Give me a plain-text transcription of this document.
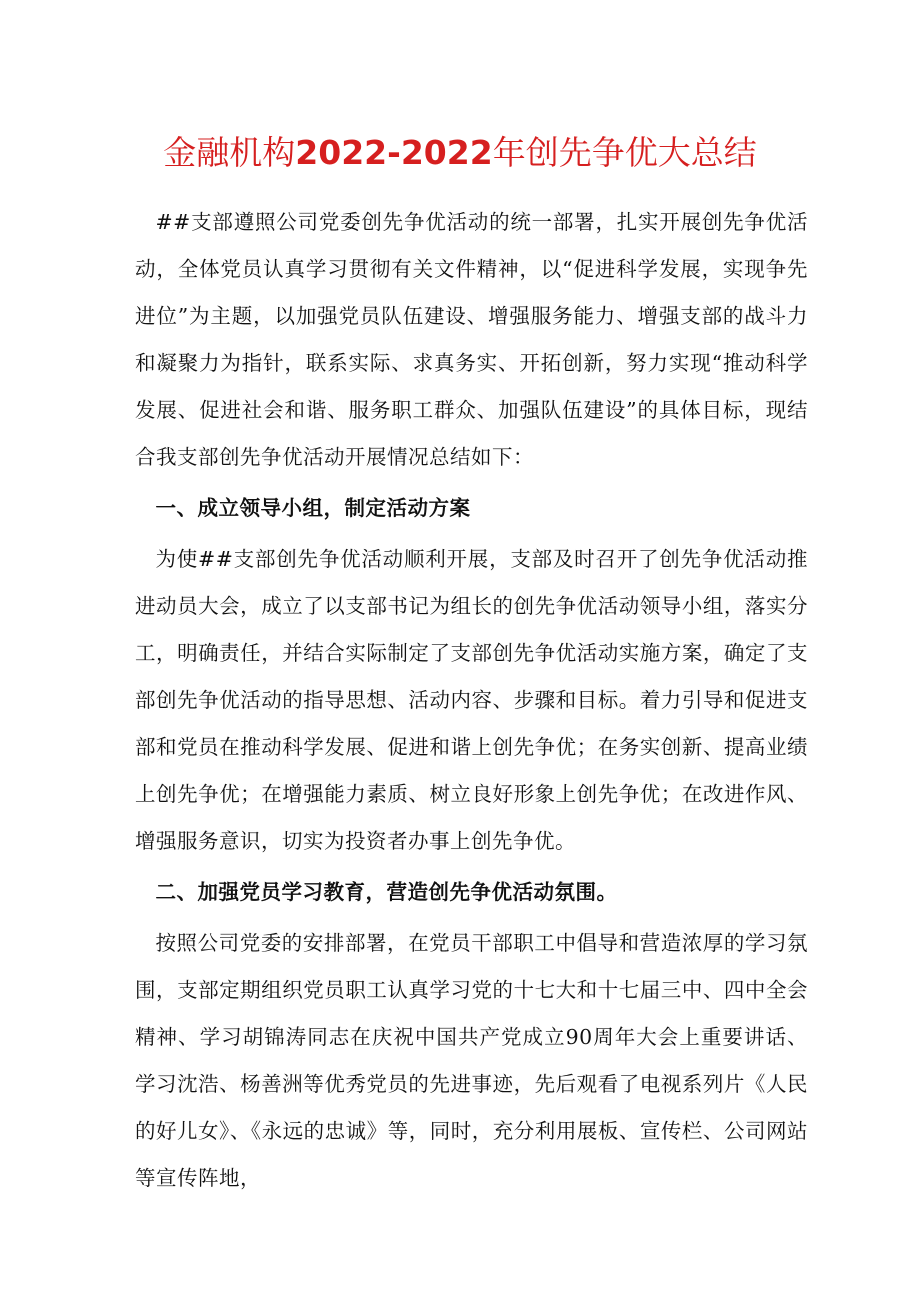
金融机构2022-2022年创先争优大总结

##支部遵照公司党委创先争优活动的统一部署，扎实开展创先争优活动，全体党员认真学习贯彻有关文件精神，以“促进科学发展，实现争先进位”为主题，以加强党员队伍建设、增强服务能力、增强支部的战斗力和凝聚力为指针，联系实际、求真务实、开拓创新，努力实现“推动科学发展、促进社会和谐、服务职工群众、加强队伍建设”的具体目标，现结合我支部创先争优活动开展情况总结如下：

一、成立领导小组，制定活动方案

为使##支部创先争优活动顺利开展，支部及时召开了创先争优活动推进动员大会，成立了以支部书记为组长的创先争优活动领导小组，落实分工，明确责任，并结合实际制定了支部创先争优活动实施方案，确定了支部创先争优活动的指导思想、活动内容、步骤和目标。着力引导和促进支部和党员在推动科学发展、促进和谐上创先争优；在务实创新、提高业绩上创先争优；在增强能力素质、树立良好形象上创先争优；在改进作风、增强服务意识，切实为投资者办事上创先争优。

二、加强党员学习教育，营造创先争优活动氛围。

按照公司党委的安排部署，在党员干部职工中倡导和营造浓厚的学习氛围，支部定期组织党员职工认真学习党的十七大和十七届三中、四中全会精神、学习胡锦涛同志在庆祝中国共产党成立90周年大会上重要讲话、学习沈浩、杨善洲等优秀党员的先进事迹，先后观看了电视系列片《人民的好儿女》、《永远的忠诚》等，同时，充分利用展板、宣传栏、公司网站等宣传阵地，
